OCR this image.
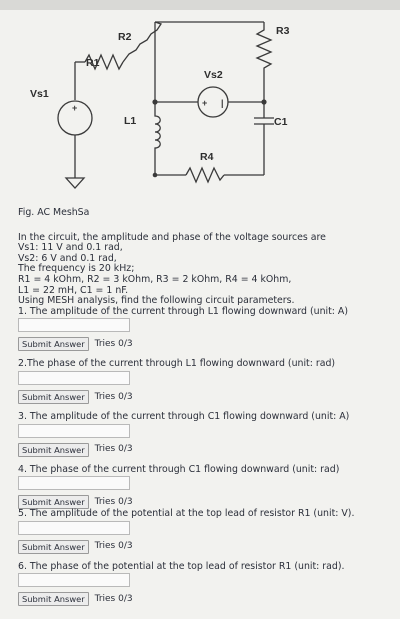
R1
R2	R3
R4
Vs1
Vs2
L1	C1
+	+ |
Fig. AC MeshSa
In the circuit, the amplitude and phase of the voltage sources are
Vs1: 11 V and 0.1 rad,
Vs2: 6 V and 0.1 rad,
The frequency is 20 kHz;
R1 = 4 kOhm, R2 = 3 kOhm, R3 = 2 kOhm, R4 = 4 kOhm,
L1 = 22 mH, C1 = 1 nF.
Using MESH analysis, find the following circuit parameters.
1. The amplitude of the current through L1 flowing downward (unit: A)
Submit Answer	Tries 0/3
2.The phase of the current through L1 flowing downward (unit: rad)
Submit Answer	Tries 0/3
3. The amplitude of the current through C1 flowing downward (unit: A)
Submit Answer	Tries 0/3
4. The phase of the current through C1 flowing downward (unit: rad)
Submit Answer	Tries 0/3
5. The amplitude of the potential at the top lead of resistor R1 (unit: V).
Submit Answer	Tries 0/3
6. The phase of the potential at the top lead of resistor R1 (unit: rad).
Submit Answer	Tries 0/3
